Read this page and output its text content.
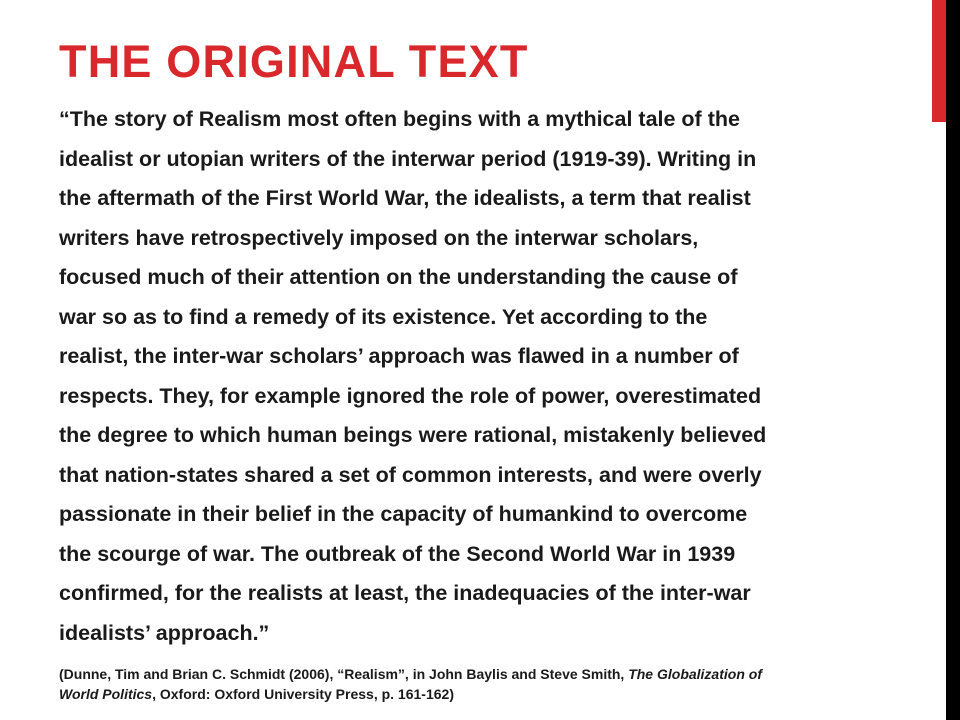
THE ORIGINAL TEXT
“The story of Realism most often begins with a mythical tale of the
idealist or utopian writers of the interwar period (1919-39). Writing in
the aftermath of the First World War, the idealists, a term that realist
writers have retrospectively imposed on the interwar scholars,
focused much of their attention on the understanding the cause of
war so as to find a remedy of its existence. Yet according to the
realist, the inter-war scholars’ approach was flawed in a number of
respects. They, for example ignored the role of power, overestimated
the degree to which human beings were rational, mistakenly believed
that nation-states shared a set of common interests, and were overly
passionate in their belief in the capacity of humankind to overcome
the scourge of war. The outbreak of the Second World War in 1939
confirmed, for the realists at least, the inadequacies of the inter-war
idealists’ approach.”
(Dunne, Tim and Brian C. Schmidt (2006), “Realism”, in John Baylis and Steve Smith, The Globalization of
World Politics, Oxford: Oxford University Press, p. 161-162)
